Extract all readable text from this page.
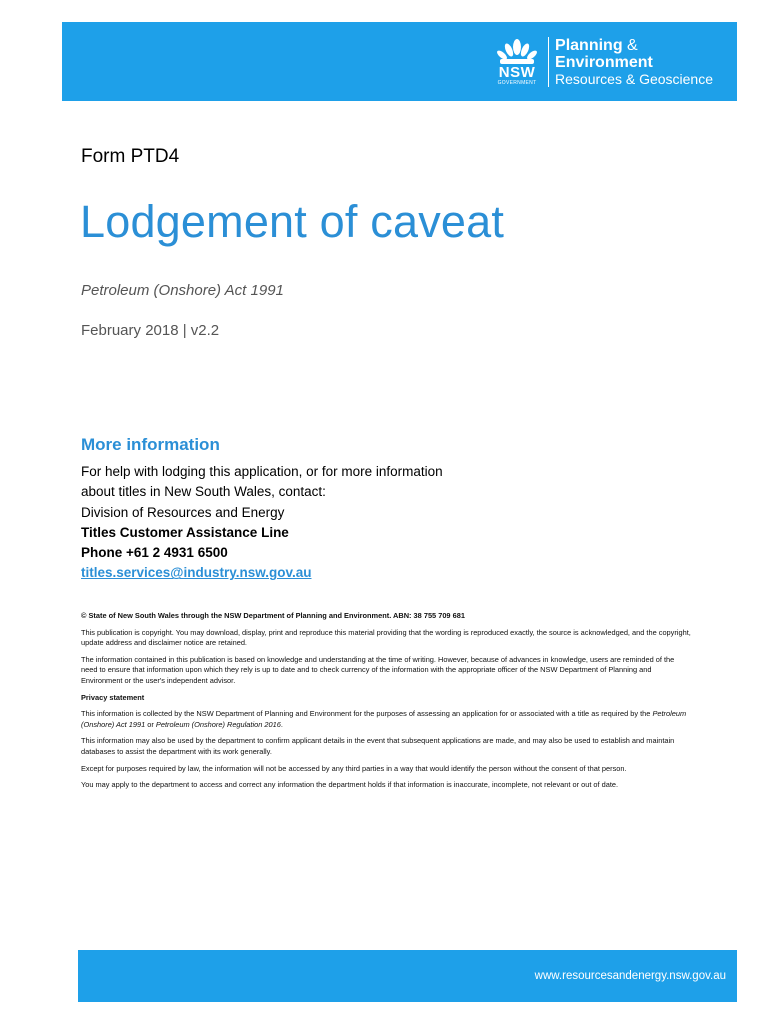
NSW
GOVERNMENT
Planning &
Environment
Resources & Geoscience
Form PTD4
Lodgement of caveat
Petroleum (Onshore) Act 1991
February 2018 | v2.2
More information
For help with lodging this application, or for more information
about titles in New South Wales, contact:
Division of Resources and Energy
Titles Customer Assistance Line
Phone +61 2 4931 6500
titles.services@industry.nsw.gov.au

© State of New South Wales through the NSW Department of Planning and Environment. ABN: 38 755 709 681

This publication is copyright. You may download, display, print and reproduce this material providing that the wording is reproduced exactly, the source is acknowledged, and the copyright, update address and disclaimer notice are retained.

The information contained in this publication is based on knowledge and understanding at the time of writing. However, because of advances in knowledge, users are reminded of the need to ensure that information upon which they rely is up to date and to check currency of the information with the appropriate officer of the NSW Department of Planning and Environment or the user's independent advisor.

Privacy statement

This information is collected by the NSW Department of Planning and Environment for the purposes of assessing an application for or associated with a title as required by the Petroleum (Onshore) Act 1991 or Petroleum (Onshore) Regulation 2016.

This information may also be used by the department to confirm applicant details in the event that subsequent applications are made, and may also be used to establish and maintain databases to assist the department with its work generally.

Except for purposes required by law, the information will not be accessed by any third parties in a way that would identify the person without the consent of that person.

You may apply to the department to access and correct any information the department holds if that information is inaccurate, incomplete, not relevant or out of date.

www.resourcesandenergy.nsw.gov.au
